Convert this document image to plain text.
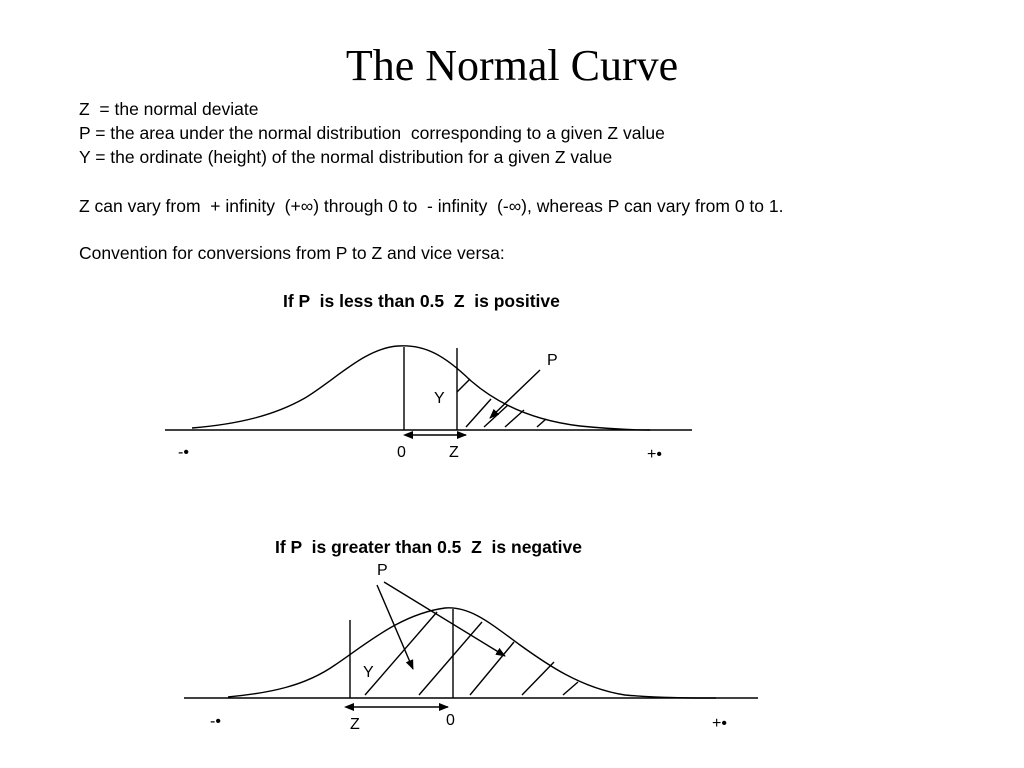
The Normal Curve
Z  = the normal deviate
P = the area under the normal distribution  corresponding to a given Z value
Y = the ordinate (height) of the normal distribution for a given Z value
Z can vary from  + infinity  (+∞) through 0 to  - infinity  (-∞), whereas P can vary from 0 to 1.
Convention for conversions from P to Z and vice versa:
If P  is less than 0.5  Z  is positive
P
Y
0	Z
-•	+•
If P  is greater than 0.5  Z  is negative
P
Y
0
Z
-•	+•
